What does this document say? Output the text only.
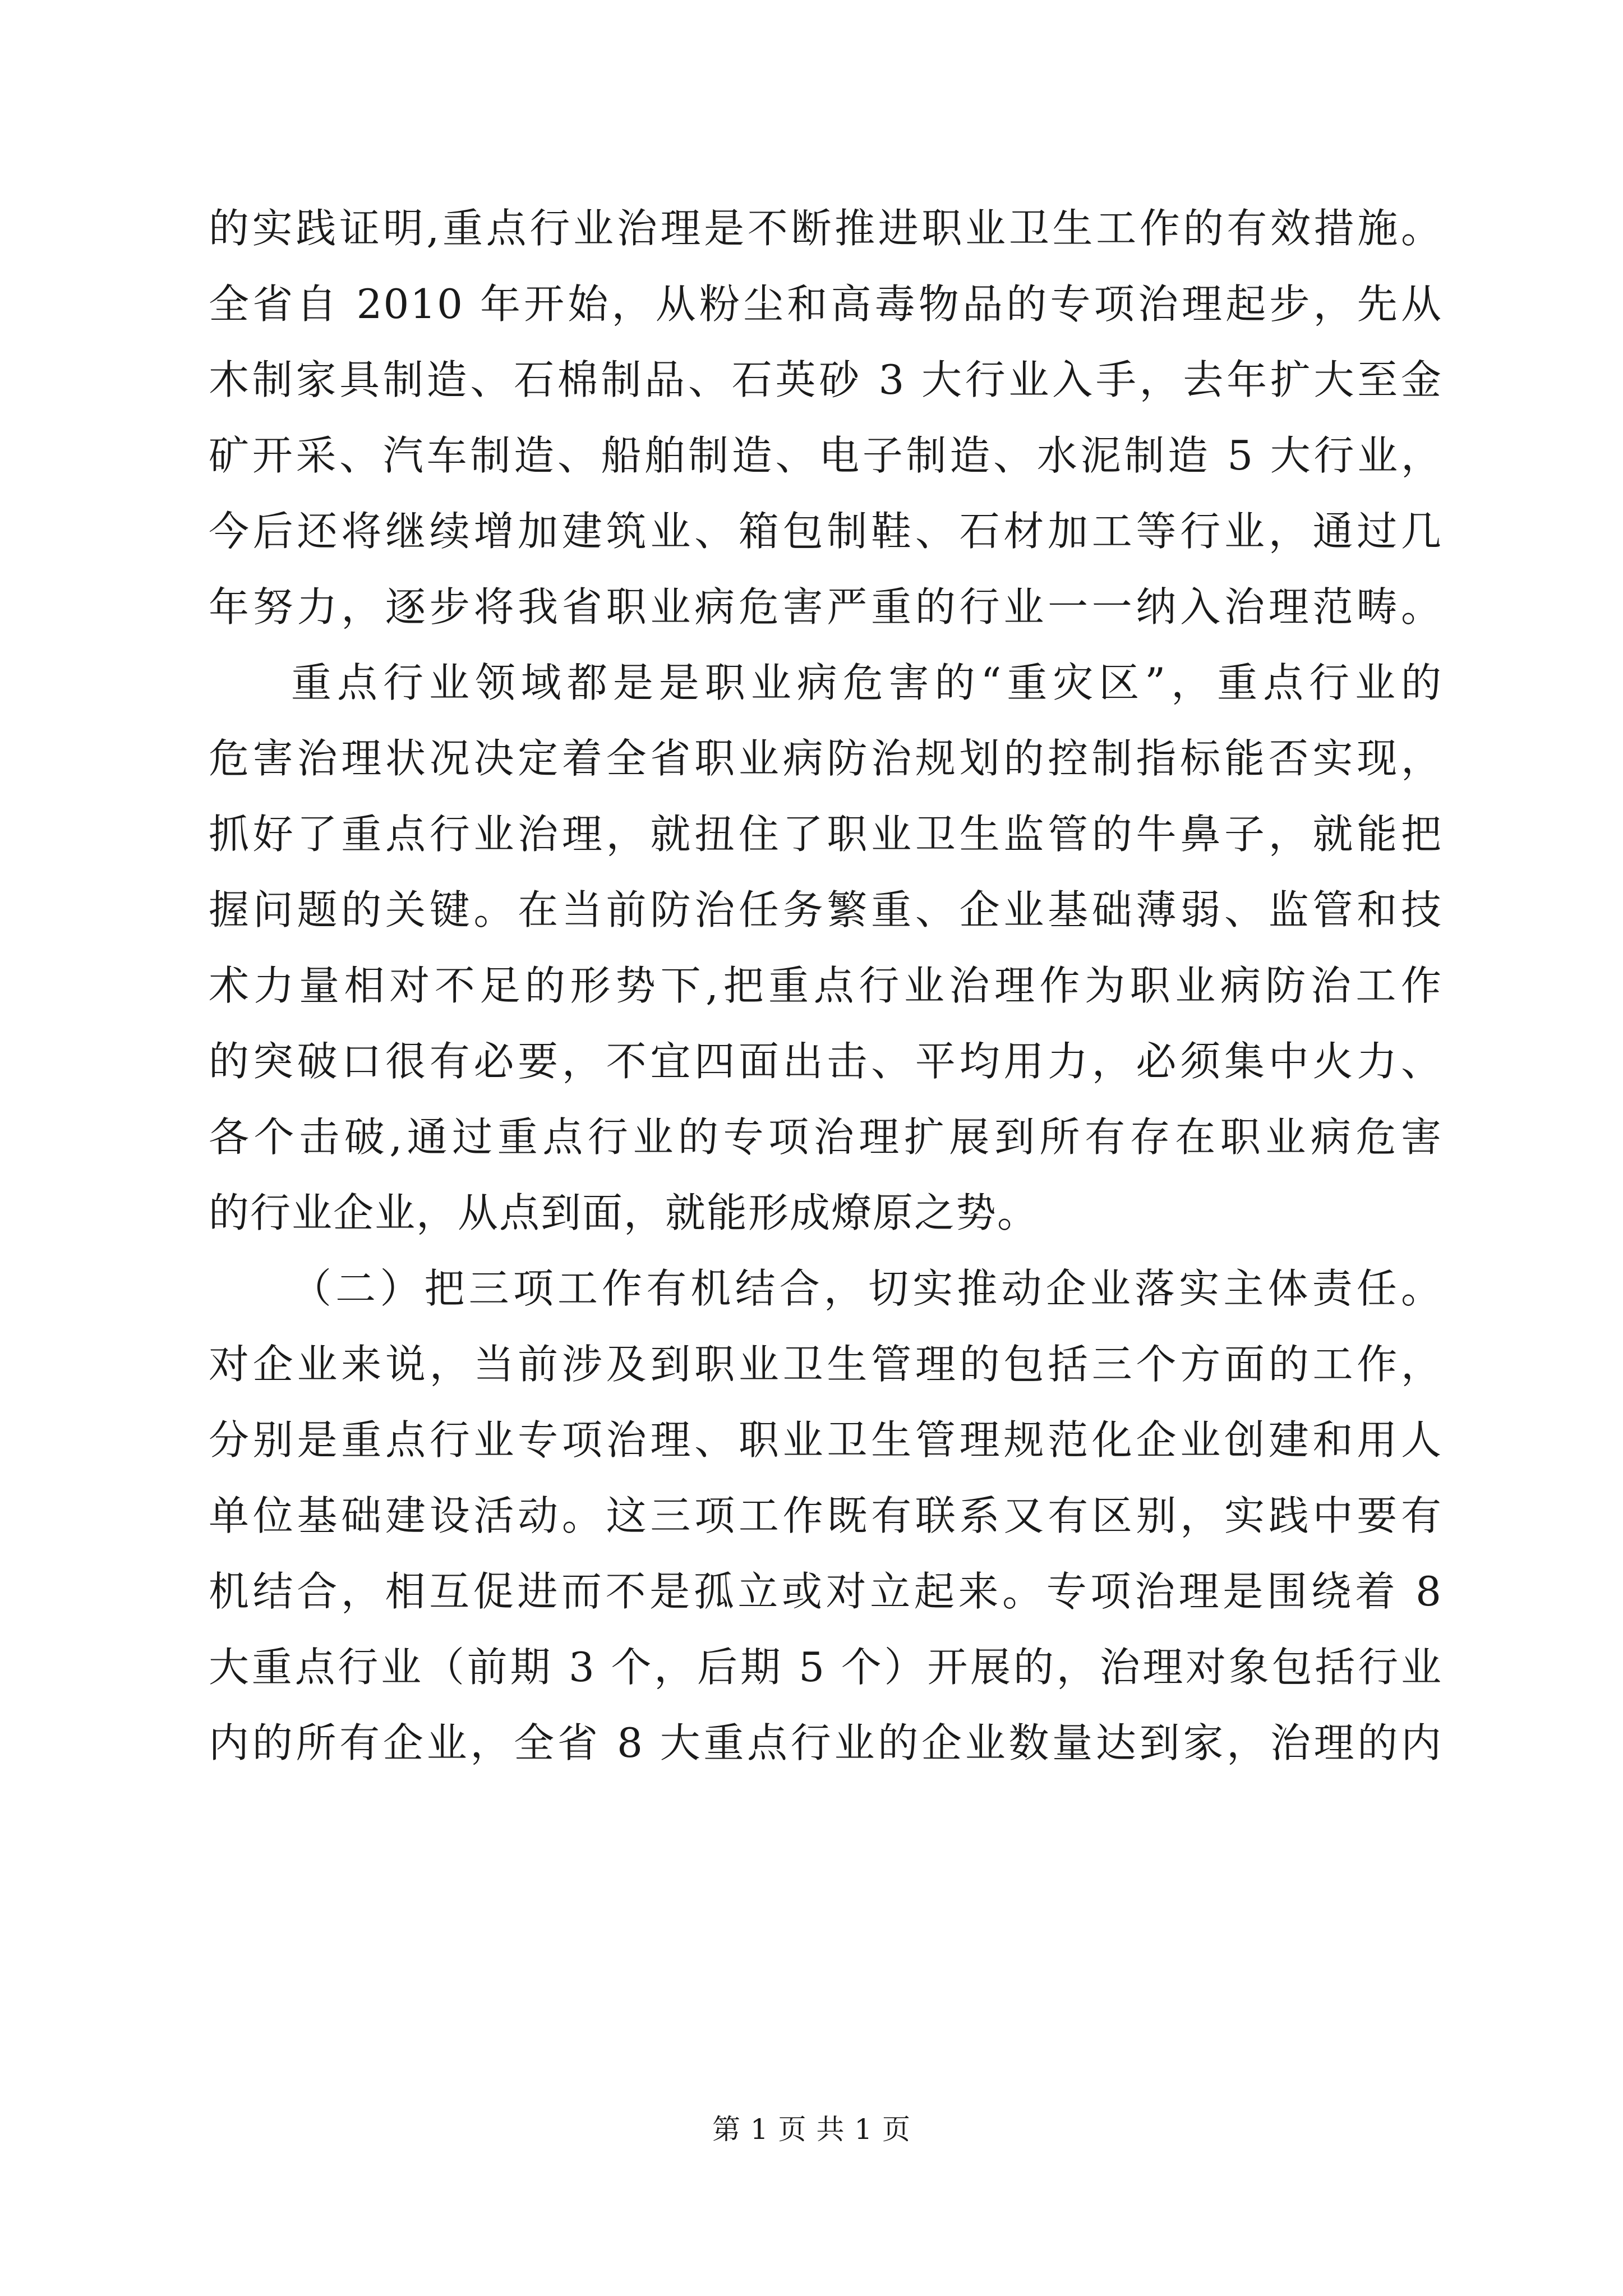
的实践证明,重点行业治理是不断推进职业卫生工作的有效措施。
全省自 2010 年开始，从粉尘和高毒物品的专项治理起步，先从
木制家具制造、石棉制品、石英砂 3 大行业入手，去年扩大至金
矿开采、汽车制造、船舶制造、电子制造、水泥制造 5 大行业，
今后还将继续增加建筑业、箱包制鞋、石材加工等行业，通过几
年努力，逐步将我省职业病危害严重的行业一一纳入治理范畴。
重点行业领域都是是职业病危害的“重灾区”，重点行业的
危害治理状况决定着全省职业病防治规划的控制指标能否实现，
抓好了重点行业治理，就扭住了职业卫生监管的牛鼻子，就能把
握问题的关键。在当前防治任务繁重、企业基础薄弱、监管和技
术力量相对不足的形势下,把重点行业治理作为职业病防治工作
的突破口很有必要，不宜四面出击、平均用力，必须集中火力、
各个击破,通过重点行业的专项治理扩展到所有存在职业病危害
的行业企业，从点到面，就能形成燎原之势。
（二）把三项工作有机结合，切实推动企业落实主体责任。
对企业来说，当前涉及到职业卫生管理的包括三个方面的工作，
分别是重点行业专项治理、职业卫生管理规范化企业创建和用人
单位基础建设活动。这三项工作既有联系又有区别，实践中要有
机结合，相互促进而不是孤立或对立起来。专项治理是围绕着 8
大重点行业（前期 3 个，后期 5 个）开展的，治理对象包括行业
内的所有企业，全省 8 大重点行业的企业数量达到家，治理的内
第 1 页 共 1 页
